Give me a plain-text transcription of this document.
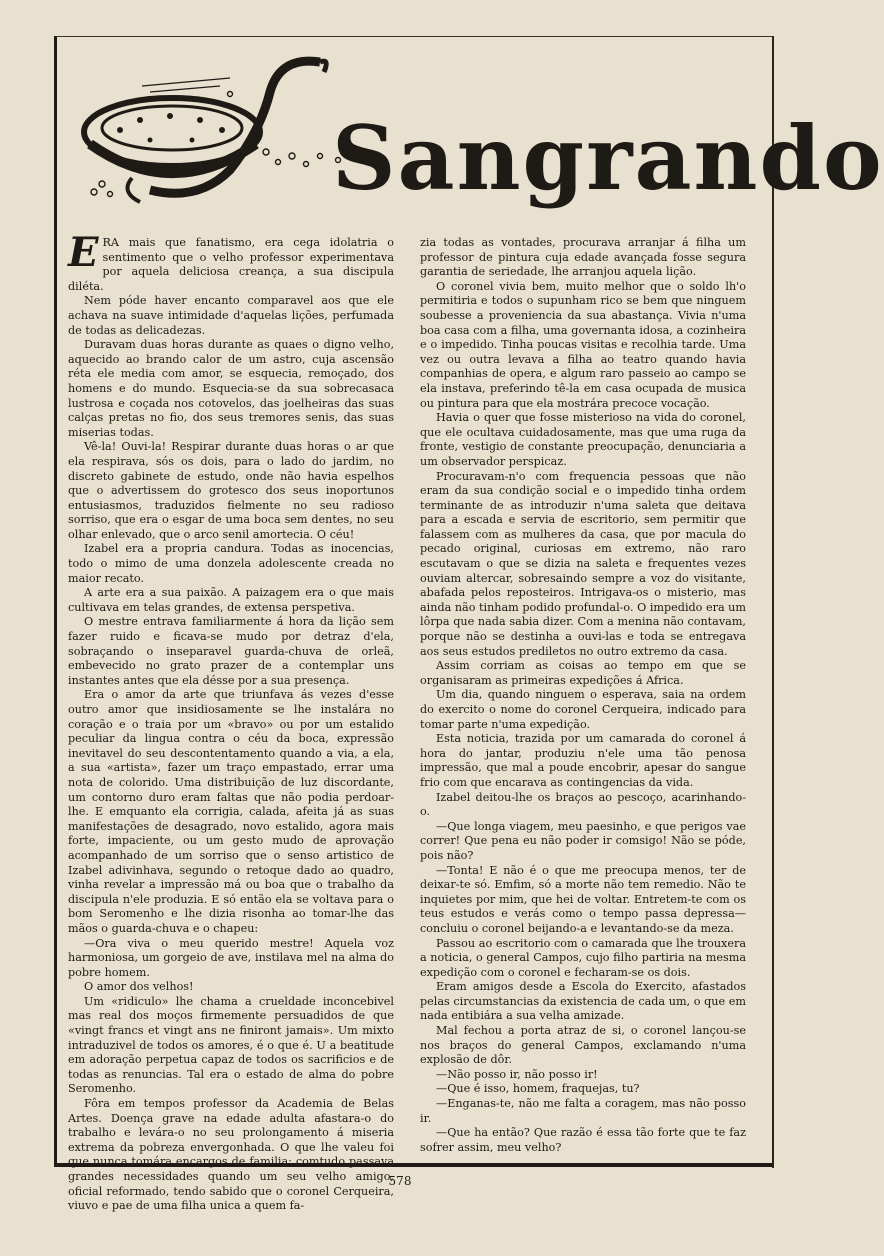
Sangrando

ERA mais que fanatismo, era cega idolatria o sentimento que o velho professor experimentava por aquela deliciosa creança, a sua discipula diléta.

Nem póde haver encanto comparavel aos que ele achava na suave intimidade d'aquelas lições, perfumada de todas as delicadezas.

Duravam duas horas durante as quaes o digno velho, aquecido ao brando calor de um astro, cuja ascensão réta ele media com amor, se esquecia, remoçado, dos homens e do mundo. Esquecia-se da sua sobrecasaca lustrosa e coçada nos cotovelos, das joelheiras das suas calças pretas no fio, dos seus tremores senis, das suas miserias todas.

Vê-la! Ouvi-la! Respirar durante duas horas o ar que ela respirava, sós os dois, para o lado do jardim, no discreto gabinete de estudo, onde não havia espelhos que o advertissem do grotesco dos seus inoportunos entusiasmos, traduzidos fielmente no seu radioso sorriso, que era o esgar de uma boca sem dentes, no seu olhar enlevado, que o arco senil amortecia. O céu!

Izabel era a propria candura. Todas as inocencias, todo o mimo de uma donzela adolescente creada no maior recato.

A arte era a sua paixão. A paizagem era o que mais cultivava em telas grandes, de extensa perspetiva.

O mestre entrava familiarmente á hora da lição sem fazer ruido e ficava-se mudo por detraz d'ela, sobraçando o inseparavel guarda-chuva de orleã, embevecido no grato prazer de a contemplar uns instantes antes que ela désse por a sua presença.

Era o amor da arte que triunfava ás vezes d'esse outro amor que insidiosamente se lhe instalára no coração e o traia por um «bravo» ou por um estalido peculiar da lingua contra o céu da boca, expressão inevitavel do seu descontentamento quando a via, a ela, a sua «artista», fazer um traço empastado, errar uma nota de colorido. Uma distribuição de luz discordante, um contorno duro eram faltas que não podia perdoar-lhe. E emquanto ela corrigia, calada, afeita já as suas manifestações de desagrado, novo estalido, agora mais forte, impaciente, ou um gesto mudo de aprovação acompanhado de um sorriso que o senso artistico de Izabel adivinhava, segundo o retoque dado ao quadro, vinha revelar a impressão má ou boa que o trabalho da discipula n'ele produzia. E só então ela se voltava para o bom Seromenho e lhe dizia risonha ao tomar-lhe das mãos o guarda-chuva e o chapeu:

—Ora viva o meu querido mestre! Aquela voz harmoniosa, um gorgeio de ave, instilava mel na alma do pobre homem.

O amor dos velhos!

Um «ridiculo» lhe chama a crueldade inconcebivel mas real dos moços firmemente persuadidos de que «vingt francs et vingt ans ne finiront jamais». Um mixto intraduzivel de todos os amores, é o que é. U a beatitude em adoração perpetua capaz de todos os sacrificios e de todas as renuncias. Tal era o estado de alma do pobre Seromenho.

Fôra em tempos professor da Academia de Belas Artes. Doença grave na edade adulta afastara-o do trabalho e levára-o no seu prolongamento á miseria extrema da pobreza envergonhada. O que lhe valeu foi que nunca tomára encargos de familia; comtudo passava grandes necessidades quando um seu velho amigo, oficial reformado, tendo sabido que o coronel Cerqueira, viuvo e pae de uma filha unica a quem fa-

zia todas as vontades, procurava arranjar á filha um professor de pintura cuja edade avançada fosse segura garantia de seriedade, lhe arranjou aquela lição.

O coronel vivia bem, muito melhor que o soldo lh'o permitiria e todos o supunham rico se bem que ninguem soubesse a proveniencia da sua abastança. Vivia n'uma boa casa com a filha, uma governanta idosa, a cozinheira e o impedido. Tinha poucas visitas e recolhia tarde. Uma vez ou outra levava a filha ao teatro quando havia companhias de opera, e algum raro passeio ao campo se ela instava, preferindo tê-la em casa ocupada de musica ou pintura para que ela mostrára precoce vocação.

Havia o quer que fosse misterioso na vida do coronel, que ele ocultava cuidadosamente, mas que uma ruga da fronte, vestigio de constante preocupação, denunciaria a um observador perspicaz.

Procuravam-n'o com frequencia pessoas que não eram da sua condição social e o impedido tinha ordem terminante de as introduzir n'uma saleta que deitava para a escada e servia de escritorio, sem permitir que falassem com as mulheres da casa, que por macula do pecado original, curiosas em extremo, não raro escutavam o que se dizia na saleta e frequentes vezes ouviam altercar, sobresaindo sempre a voz do visitante, abafada pelos reposteiros. Intrigava-os o misterio, mas ainda não tinham podido profundal-o. O impedido era um lôrpa que nada sabia dizer. Com a menina não contavam, porque não se destinha a ouvi-las e toda se entregava aos seus estudos prediletos no outro extremo da casa.

Assim corriam as coisas ao tempo em que se organisaram as primeiras expedições á Africa.

Um dia, quando ninguem o esperava, saia na ordem do exercito o nome do coronel Cerqueira, indicado para tomar parte n'uma expedição.

Esta noticia, trazida por um camarada do coronel á hora do jantar, produziu n'ele uma tão penosa impressão, que mal a poude encobrir, apesar do sangue frio com que encarava as contingencias da vida.

Izabel deitou-lhe os braços ao pescoço, acarinhando-o.

—Que longa viagem, meu paesinho, e que perigos vae correr! Que pena eu não poder ir comsigo! Não se póde, pois não?

—Tonta! E não é o que me preocupa menos, ter de deixar-te só. Emfim, só a morte não tem remedio. Não te inquietes por mim, que hei de voltar. Entretem-te com os teus estudos e verás como o tempo passa depressa—concluiu o coronel beijando-a e levantando-se da meza.

Passou ao escritorio com o camarada que lhe trouxera a noticia, o general Campos, cujo filho partiria na mesma expedição com o coronel e fecharam-se os dois.

Eram amigos desde a Escola do Exercito, afastados pelas circumstancias da existencia de cada um, o que em nada entibiára a sua velha amizade.

Mal fechou a porta atraz de si, o coronel lançou-se nos braços do general Campos, exclamando n'uma explosão de dôr.

—Não posso ir, não posso ir!

—Que é isso, homem, fraquejas, tu?

—Enganas-te, não me falta a coragem, mas não posso ir.

—Que ha então? Que razão é essa tão forte que te faz sofrer assim, meu velho?

578
